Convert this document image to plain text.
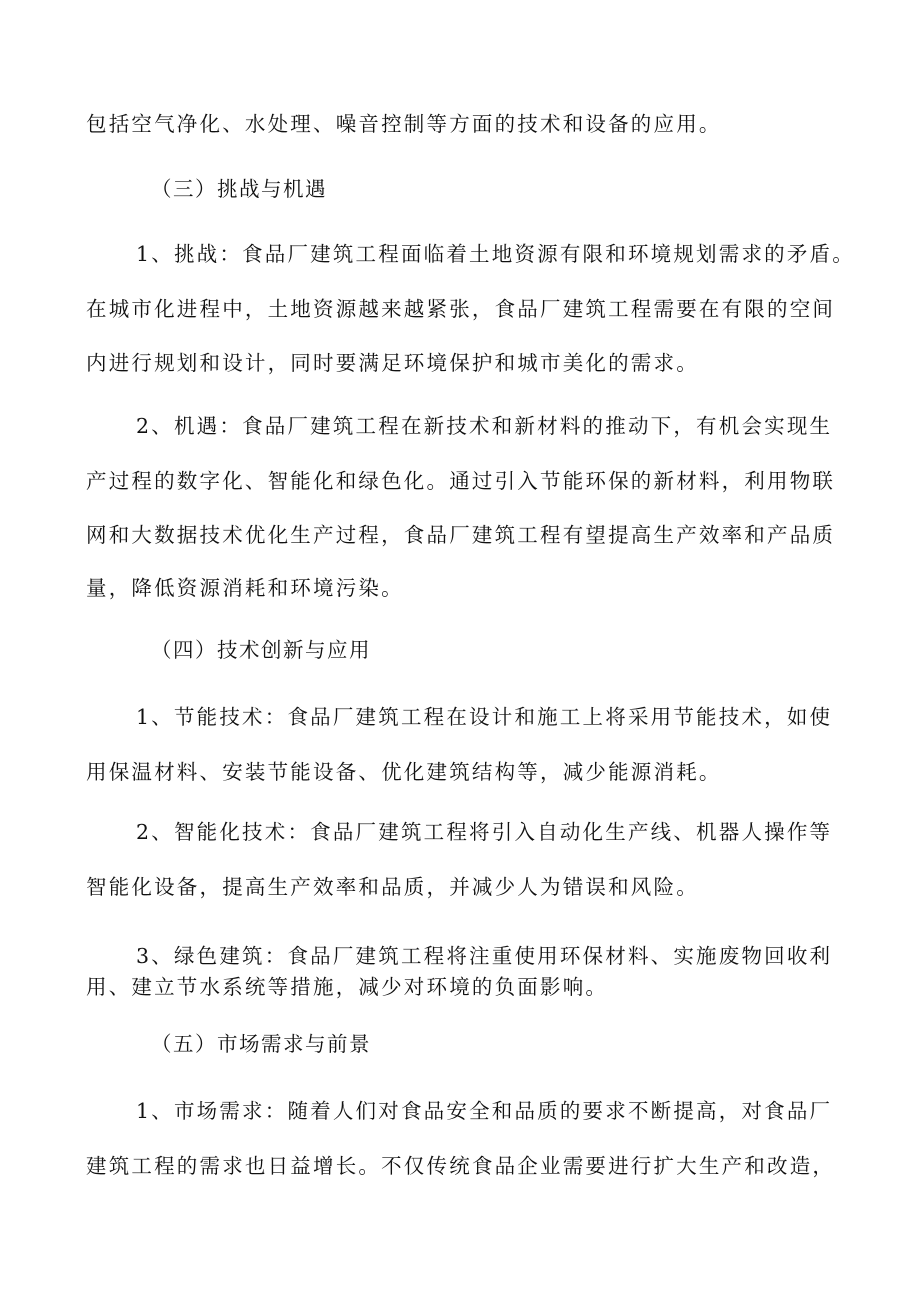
包括空气净化、水处理、噪音控制等方面的技术和设备的应用。
（三）挑战与机遇
1、挑战：食品厂建筑工程面临着土地资源有限和环境规划需求的矛盾。
在城市化进程中，土地资源越来越紧张，食品厂建筑工程需要在有限的空间
内进行规划和设计，同时要满足环境保护和城市美化的需求。
2、机遇：食品厂建筑工程在新技术和新材料的推动下，有机会实现生
产过程的数字化、智能化和绿色化。通过引入节能环保的新材料，利用物联
网和大数据技术优化生产过程，食品厂建筑工程有望提高生产效率和产品质
量，降低资源消耗和环境污染。
（四）技术创新与应用
1、节能技术：食品厂建筑工程在设计和施工上将采用节能技术，如使
用保温材料、安装节能设备、优化建筑结构等，减少能源消耗。
2、智能化技术：食品厂建筑工程将引入自动化生产线、机器人操作等
智能化设备，提高生产效率和品质，并减少人为错误和风险。
3、绿色建筑：食品厂建筑工程将注重使用环保材料、实施废物回收利
用、建立节水系统等措施，减少对环境的负面影响。
（五）市场需求与前景
1、市场需求：随着人们对食品安全和品质的要求不断提高，对食品厂
建筑工程的需求也日益增长。不仅传统食品企业需要进行扩大生产和改造，
